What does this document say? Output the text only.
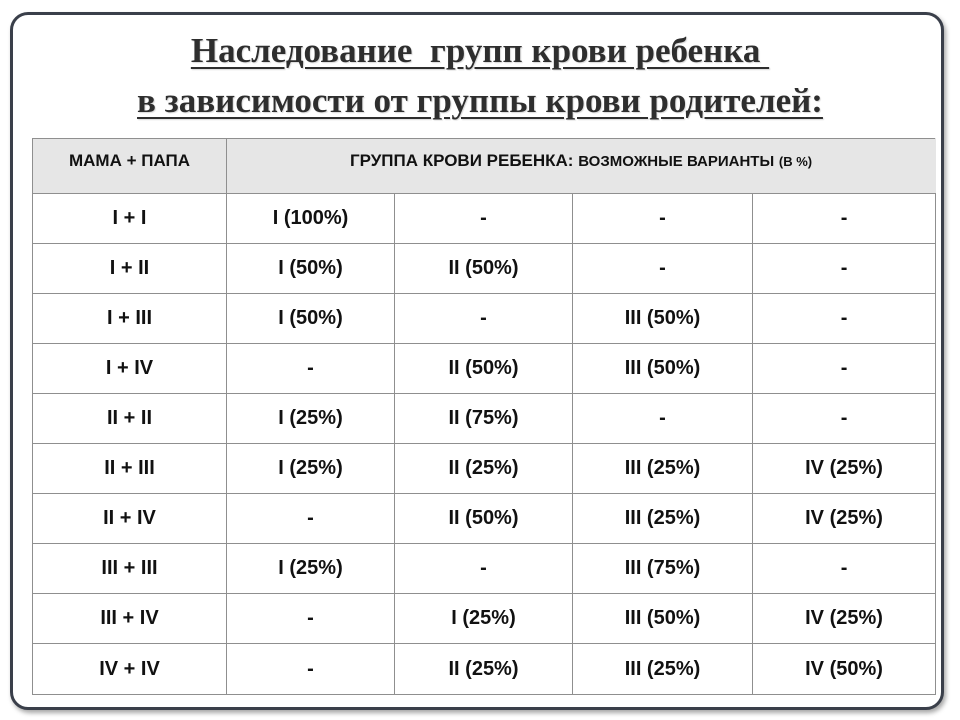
Наследование  групп крови ребенка
в зависимости от группы крови родителей:
МАМА + ПАПА	ГРУППА КРОВИ РЕБЕНКА: ВОЗМОЖНЫЕ ВАРИАНТЫ (В %)			
I + I	I (100%)	-	-	-
I + II	I (50%)	II (50%)	-	-
I + III	I (50%)	-	III (50%)	-
I + IV	-	II (50%)	III (50%)	-
II + II	I (25%)	II (75%)	-	-
II + III	I (25%)	II (25%)	III (25%)	IV (25%)
II + IV	-	II (50%)	III (25%)	IV (25%)
III + III	I (25%)	-	III (75%)	-
III + IV	-	I (25%)	III (50%)	IV (25%)
IV + IV	-	II (25%)	III (25%)	IV (50%)
